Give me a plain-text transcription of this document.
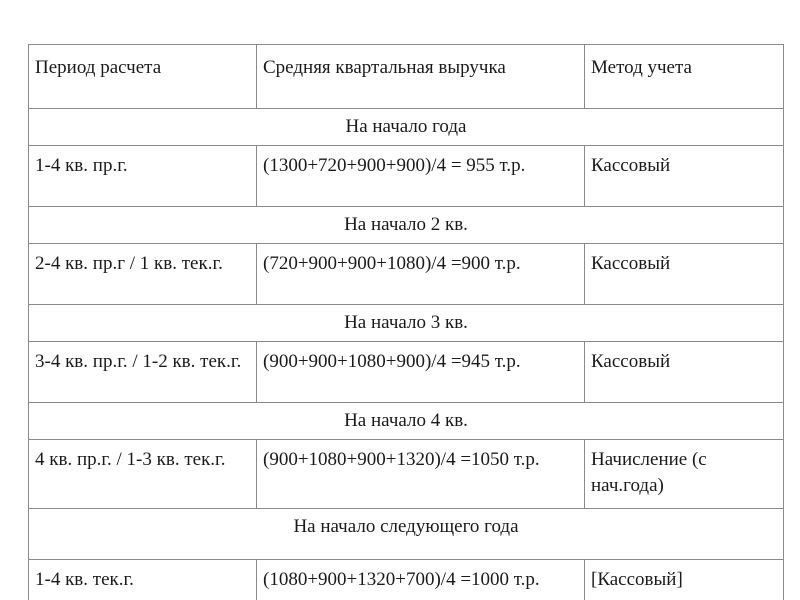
Период расчета	Средняя квартальная выручка	Метод учета
На начало года		
1-4 кв. пр.г.	(1300+720+900+900)/4 = 955 т.р.	Кассовый
На начало 2 кв.		
2-4 кв. пр.г / 1 кв. тек.г.	(720+900+900+1080)/4 =900 т.р.	Кассовый
На начало 3 кв.		
3-4 кв. пр.г. / 1-2 кв. тек.г.	(900+900+1080+900)/4 =945 т.р.	Кассовый
На начало 4 кв.		
4 кв. пр.г. / 1-3 кв. тек.г.	(900+1080+900+1320)/4 =1050 т.р.	Начисление (с нач.года)
На начало следующего года		
1-4 кв. тек.г.	(1080+900+1320+700)/4 =1000 т.р.	[Кассовый]
